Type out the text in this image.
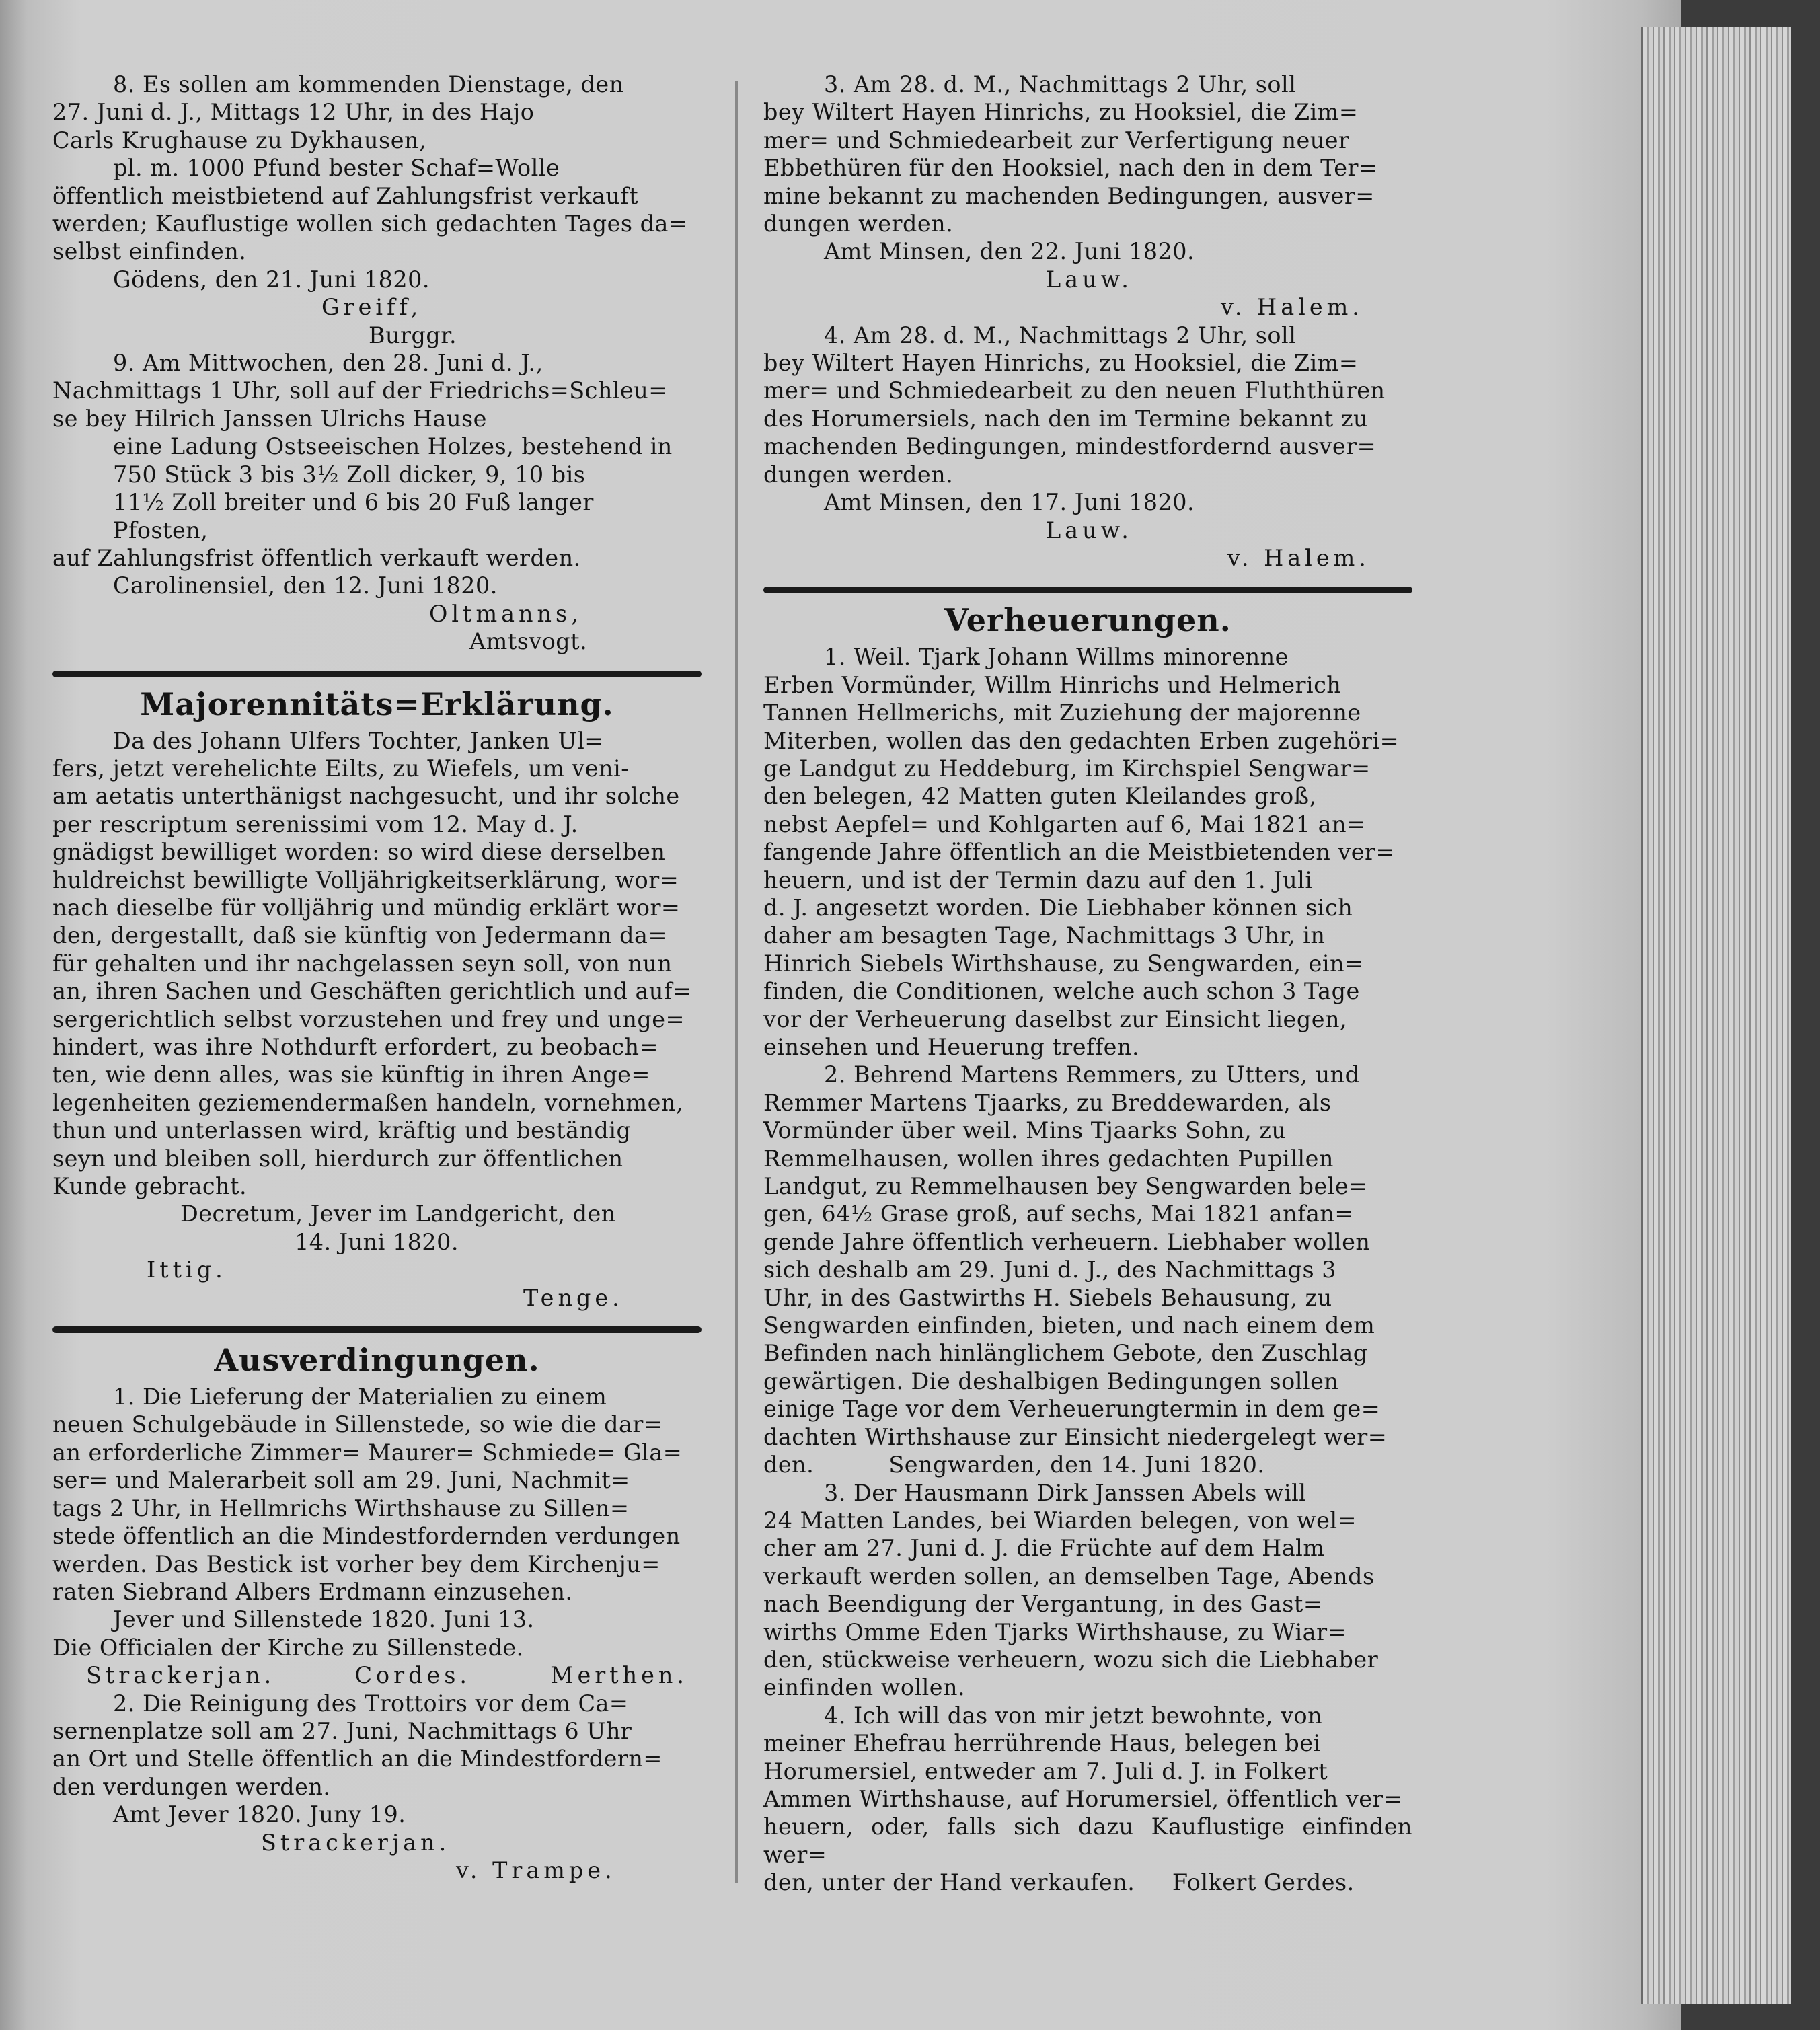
8. Es sollen am kommenden Dienstage, den

27. Juni d. J., Mittags 12 Uhr, in des Hajo

Carls Krughause zu Dykhausen,

pl. m. 1000 Pfund bester Schaf=Wolle

öffentlich meistbietend auf Zahlungsfrist verkauft

werden; Kauflustige wollen sich gedachten Tages da=

selbst einfinden.

Gödens, den 21. Juni 1820.

Greiff,

Burggr.

9. Am Mittwochen, den 28. Juni d. J.,

Nachmittags 1 Uhr, soll auf der Friedrichs=Schleu=

se bey Hilrich Janssen Ulrichs Hause

eine Ladung Ostseeischen Holzes, bestehend in

750 Stück 3 bis 3½ Zoll dicker, 9, 10 bis

11½ Zoll breiter und 6 bis 20 Fuß langer

Pfosten,

auf Zahlungsfrist öffentlich verkauft werden.

Carolinensiel, den 12. Juni 1820.

Oltmanns,

Amtsvogt.

Majorennitäts=Erklärung.

Da des Johann Ulfers Tochter, Janken Ul=

fers, jetzt verehelichte Eilts, zu Wiefels, um veni-

am aetatis unterthänigst nachgesucht, und ihr solche

per rescriptum serenissimi vom 12. May d. J.

gnädigst bewilliget worden: so wird diese derselben

huldreichst bewilligte Volljährigkeitserklärung, wor=

nach dieselbe für volljährig und mündig erklärt wor=

den, dergestallt, daß sie künftig von Jedermann da=

für gehalten und ihr nachgelassen seyn soll, von nun

an, ihren Sachen und Geschäften gerichtlich und auf=

sergerichtlich selbst vorzustehen und frey und unge=

hindert, was ihre Nothdurft erfordert, zu beobach=

ten, wie denn alles, was sie künftig in ihren Ange=

legenheiten geziemendermaßen handeln, vornehmen,

thun und unterlassen wird, kräftig und beständig

seyn und bleiben soll, hierdurch zur öffentlichen

Kunde gebracht.

Decretum, Jever im Landgericht, den

14. Juni 1820.

Ittig.

Tenge.

Ausverdingungen.

1. Die Lieferung der Materialien zu einem

neuen Schulgebäude in Sillenstede, so wie die dar=

an erforderliche Zimmer= Maurer= Schmiede= Gla=

ser= und Malerarbeit soll am 29. Juni, Nachmit=

tags 2 Uhr, in Hellmrichs Wirthshause zu Sillen=

stede öffentlich an die Mindestfordernden verdungen

werden. Das Bestick ist vorher bey dem Kirchenju=

raten Siebrand Albers Erdmann einzusehen.

Jever und Sillenstede 1820. Juni 13.

Die Officialen der Kirche zu Sillenstede.

Strackerjan.	Cordes.	Merthen.

2. Die Reinigung des Trottoirs vor dem Ca=

sernenplatze soll am 27. Juni, Nachmittags 6 Uhr

an Ort und Stelle öffentlich an die Mindestfordern=

den verdungen werden.

Amt Jever 1820. Juny 19.

Strackerjan.

v. Trampe.

3. Am 28. d. M., Nachmittags 2 Uhr, soll

bey Wiltert Hayen Hinrichs, zu Hooksiel, die Zim=

mer= und Schmiedearbeit zur Verfertigung neuer

Ebbethüren für den Hooksiel, nach den in dem Ter=

mine bekannt zu machenden Bedingungen, ausver=

dungen werden.

Amt Minsen, den 22. Juni 1820.

Lauw.

v. Halem.

4. Am 28. d. M., Nachmittags 2 Uhr, soll

bey Wiltert Hayen Hinrichs, zu Hooksiel, die Zim=

mer= und Schmiedearbeit zu den neuen Fluththüren

des Horumersiels, nach den im Termine bekannt zu

machenden Bedingungen, mindestfordernd ausver=

dungen werden.

Amt Minsen, den 17. Juni 1820.

Lauw.

v. Halem.

Verheuerungen.

1. Weil. Tjark Johann Willms minorenne

Erben Vormünder, Willm Hinrichs und Helmerich

Tannen Hellmerichs, mit Zuziehung der majorenne

Miterben, wollen das den gedachten Erben zugehöri=

ge Landgut zu Heddeburg, im Kirchspiel Sengwar=

den belegen, 42 Matten guten Kleilandes groß,

nebst Aepfel= und Kohlgarten auf 6, Mai 1821 an=

fangende Jahre öffentlich an die Meistbietenden ver=

heuern, und ist der Termin dazu auf den 1. Juli

d. J. angesetzt worden. Die Liebhaber können sich

daher am besagten Tage, Nachmittags 3 Uhr, in

Hinrich Siebels Wirthshause, zu Sengwarden, ein=

finden, die Conditionen, welche auch schon 3 Tage

vor der Verheuerung daselbst zur Einsicht liegen,

einsehen und Heuerung treffen.

2. Behrend Martens Remmers, zu Utters, und

Remmer Martens Tjaarks, zu Breddewarden, als

Vormünder über weil. Mins Tjaarks Sohn, zu

Remmelhausen, wollen ihres gedachten Pupillen

Landgut, zu Remmelhausen bey Sengwarden bele=

gen, 64½ Grase groß, auf sechs, Mai 1821 anfan=

gende Jahre öffentlich verheuern. Liebhaber wollen

sich deshalb am 29. Juni d. J., des Nachmittags 3

Uhr, in des Gastwirths H. Siebels Behausung, zu

Sengwarden einfinden, bieten, und nach einem dem

Befinden nach hinlänglichem Gebote, den Zuschlag

gewärtigen. Die deshalbigen Bedingungen sollen

einige Tage vor dem Verheuerungtermin in dem ge=

dachten Wirthshause zur Einsicht niedergelegt wer=

den.          Sengwarden, den 14. Juni 1820.

3. Der Hausmann Dirk Janssen Abels will

24 Matten Landes, bei Wiarden belegen, von wel=

cher am 27. Juni d. J. die Früchte auf dem Halm

verkauft werden sollen, an demselben Tage, Abends

nach Beendigung der Vergantung, in des Gast=

wirths Omme Eden Tjarks Wirthshause, zu Wiar=

den, stückweise verheuern, wozu sich die Liebhaber

einfinden wollen.

4. Ich will das von mir jetzt bewohnte, von

meiner Ehefrau herrührende Haus, belegen bei

Horumersiel, entweder am 7. Juli d. J. in Folkert

Ammen Wirthshause, auf Horumersiel, öffentlich ver=

heuern, oder, falls sich dazu Kauflustige einfinden wer=

den, unter der Hand verkaufen.     Folkert Gerdes.
